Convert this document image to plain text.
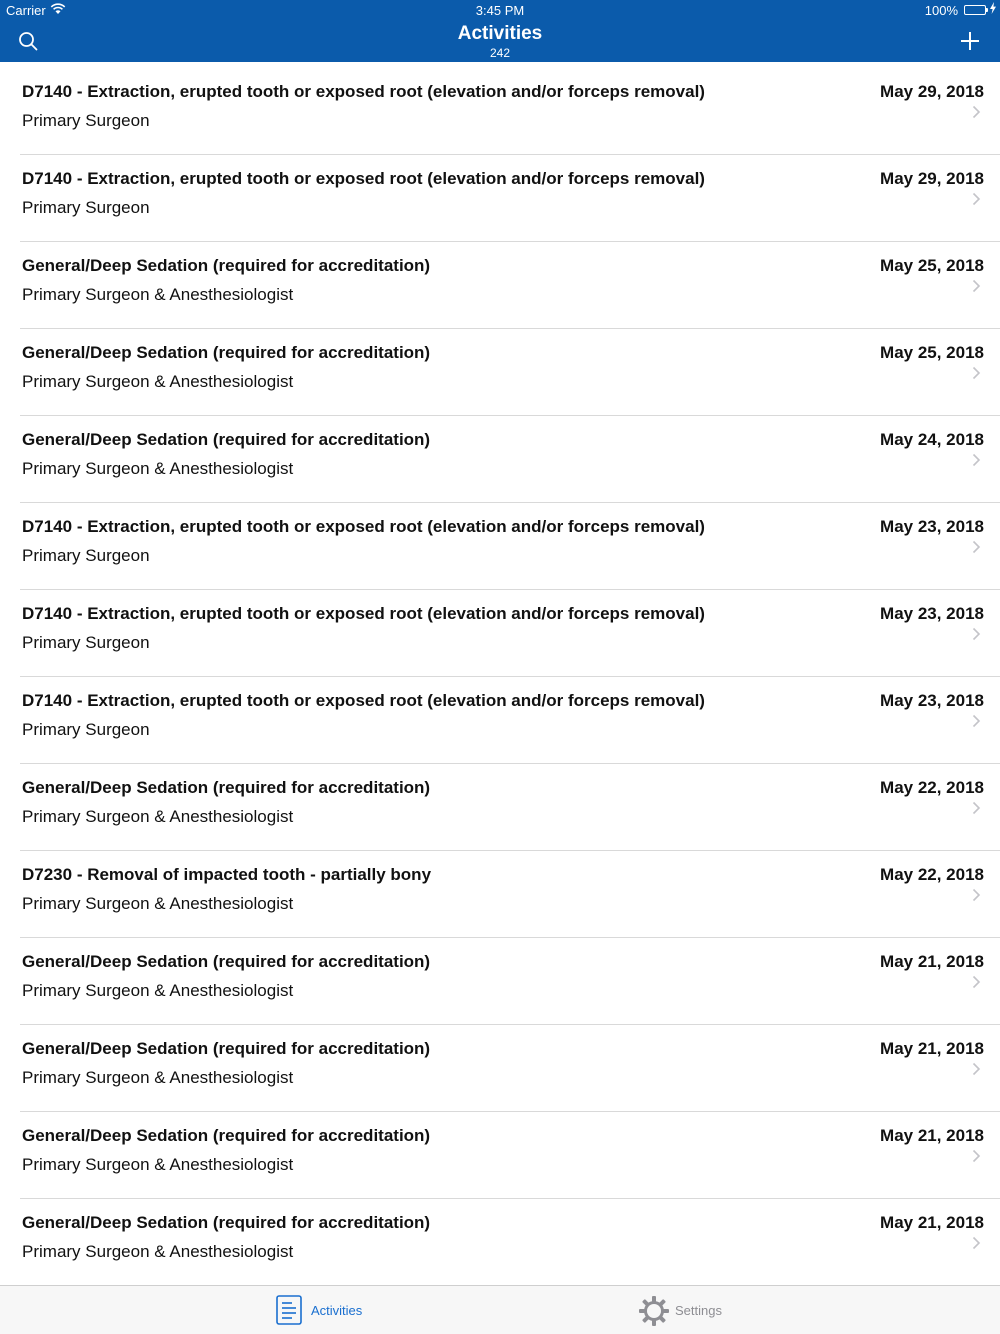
Carrier	3:45 PM	100%
Activities
242
D7140 - Extraction, erupted tooth or exposed root (elevation and/or forceps removal)
Primary Surgeon
May 29, 2018
D7140 - Extraction, erupted tooth or exposed root (elevation and/or forceps removal)
Primary Surgeon
May 29, 2018
General/Deep Sedation (required for accreditation)
Primary Surgeon & Anesthesiologist
May 25, 2018
General/Deep Sedation (required for accreditation)
Primary Surgeon & Anesthesiologist
May 25, 2018
General/Deep Sedation (required for accreditation)
Primary Surgeon & Anesthesiologist
May 24, 2018
D7140 - Extraction, erupted tooth or exposed root (elevation and/or forceps removal)
Primary Surgeon
May 23, 2018
D7140 - Extraction, erupted tooth or exposed root (elevation and/or forceps removal)
Primary Surgeon
May 23, 2018
D7140 - Extraction, erupted tooth or exposed root (elevation and/or forceps removal)
Primary Surgeon
May 23, 2018
General/Deep Sedation (required for accreditation)
Primary Surgeon & Anesthesiologist
May 22, 2018
D7230 - Removal of impacted tooth - partially bony
Primary Surgeon & Anesthesiologist
May 22, 2018
General/Deep Sedation (required for accreditation)
Primary Surgeon & Anesthesiologist
May 21, 2018
General/Deep Sedation (required for accreditation)
Primary Surgeon & Anesthesiologist
May 21, 2018
General/Deep Sedation (required for accreditation)
Primary Surgeon & Anesthesiologist
May 21, 2018
General/Deep Sedation (required for accreditation)
Primary Surgeon & Anesthesiologist
May 21, 2018
Activities	Settings
